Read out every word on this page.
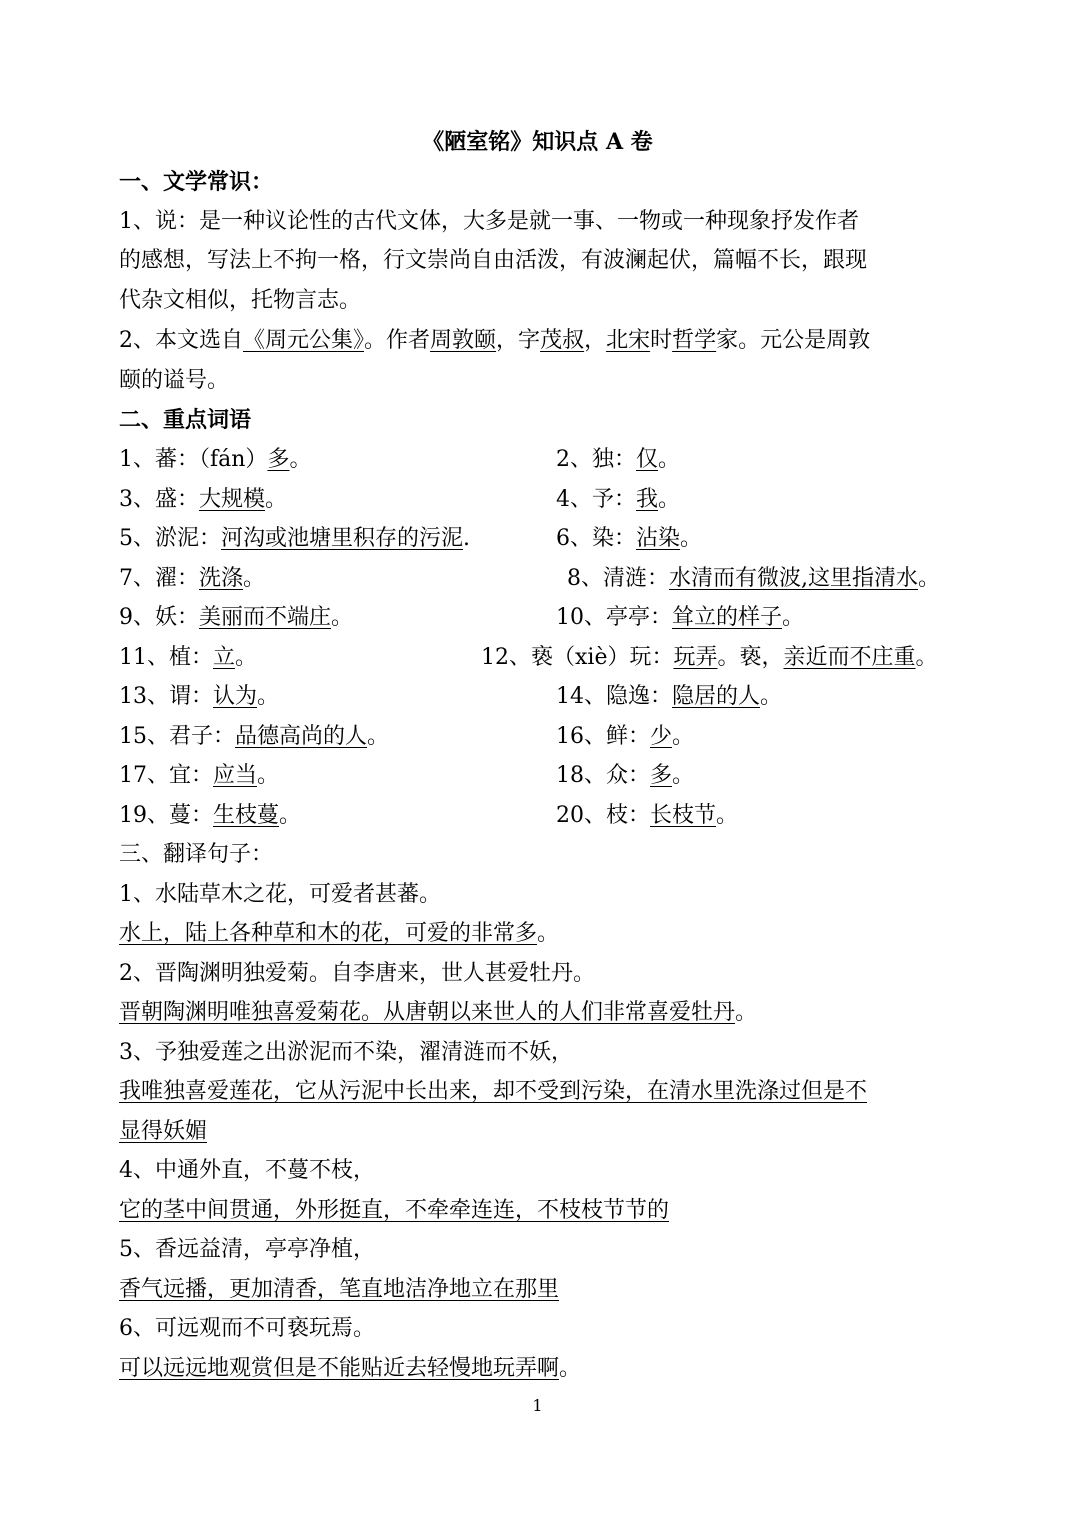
《陋室铭》知识点 A 卷
一、文学常识：
1、说：是一种议论性的古代文体，大多是就一事、一物或一种现象抒发作者
的感想，写法上不拘一格，行文崇尚自由活泼，有波澜起伏，篇幅不长，跟现
代杂文相似，托物言志。
2、本文选自《周元公集》。作者周敦颐，字茂叔，北宋时哲学家。元公是周敦
颐的谥号。
二、重点词语
1、蕃：（fán）多。	2、独：仅。
3、盛：大规模。	4、予：我。
5、淤泥：河沟或池塘里积存的污泥.	6、染：沾染。
7、濯：洗涤。	8、清涟：水清而有微波,这里指清水。
9、妖：美丽而不端庄。	10、亭亭：耸立的样子。
11、植：立。	12、亵（xiè）玩：玩弄。亵，亲近而不庄重。
13、谓：认为。	14、隐逸：隐居的人。
15、君子：品德高尚的人。	16、鲜：少。
17、宜：应当。	18、众：多。
19、蔓：生枝蔓。	20、枝：长枝节。
三、翻译句子：
1、水陆草木之花，可爱者甚蕃。
水上，陆上各种草和木的花，可爱的非常多。
2、晋陶渊明独爱菊。自李唐来，世人甚爱牡丹。
晋朝陶渊明唯独喜爱菊花。从唐朝以来世人的人们非常喜爱牡丹。
3、予独爱莲之出淤泥而不染，濯清涟而不妖，
我唯独喜爱莲花，它从污泥中长出来，却不受到污染，在清水里洗涤过但是不
显得妖媚
4、中通外直，不蔓不枝，
它的茎中间贯通，外形挺直，不牵牵连连，不枝枝节节的
5、香远益清，亭亭净植，
香气远播，更加清香，笔直地洁净地立在那里
6、可远观而不可亵玩焉。
可以远远地观赏但是不能贴近去轻慢地玩弄啊。
1
